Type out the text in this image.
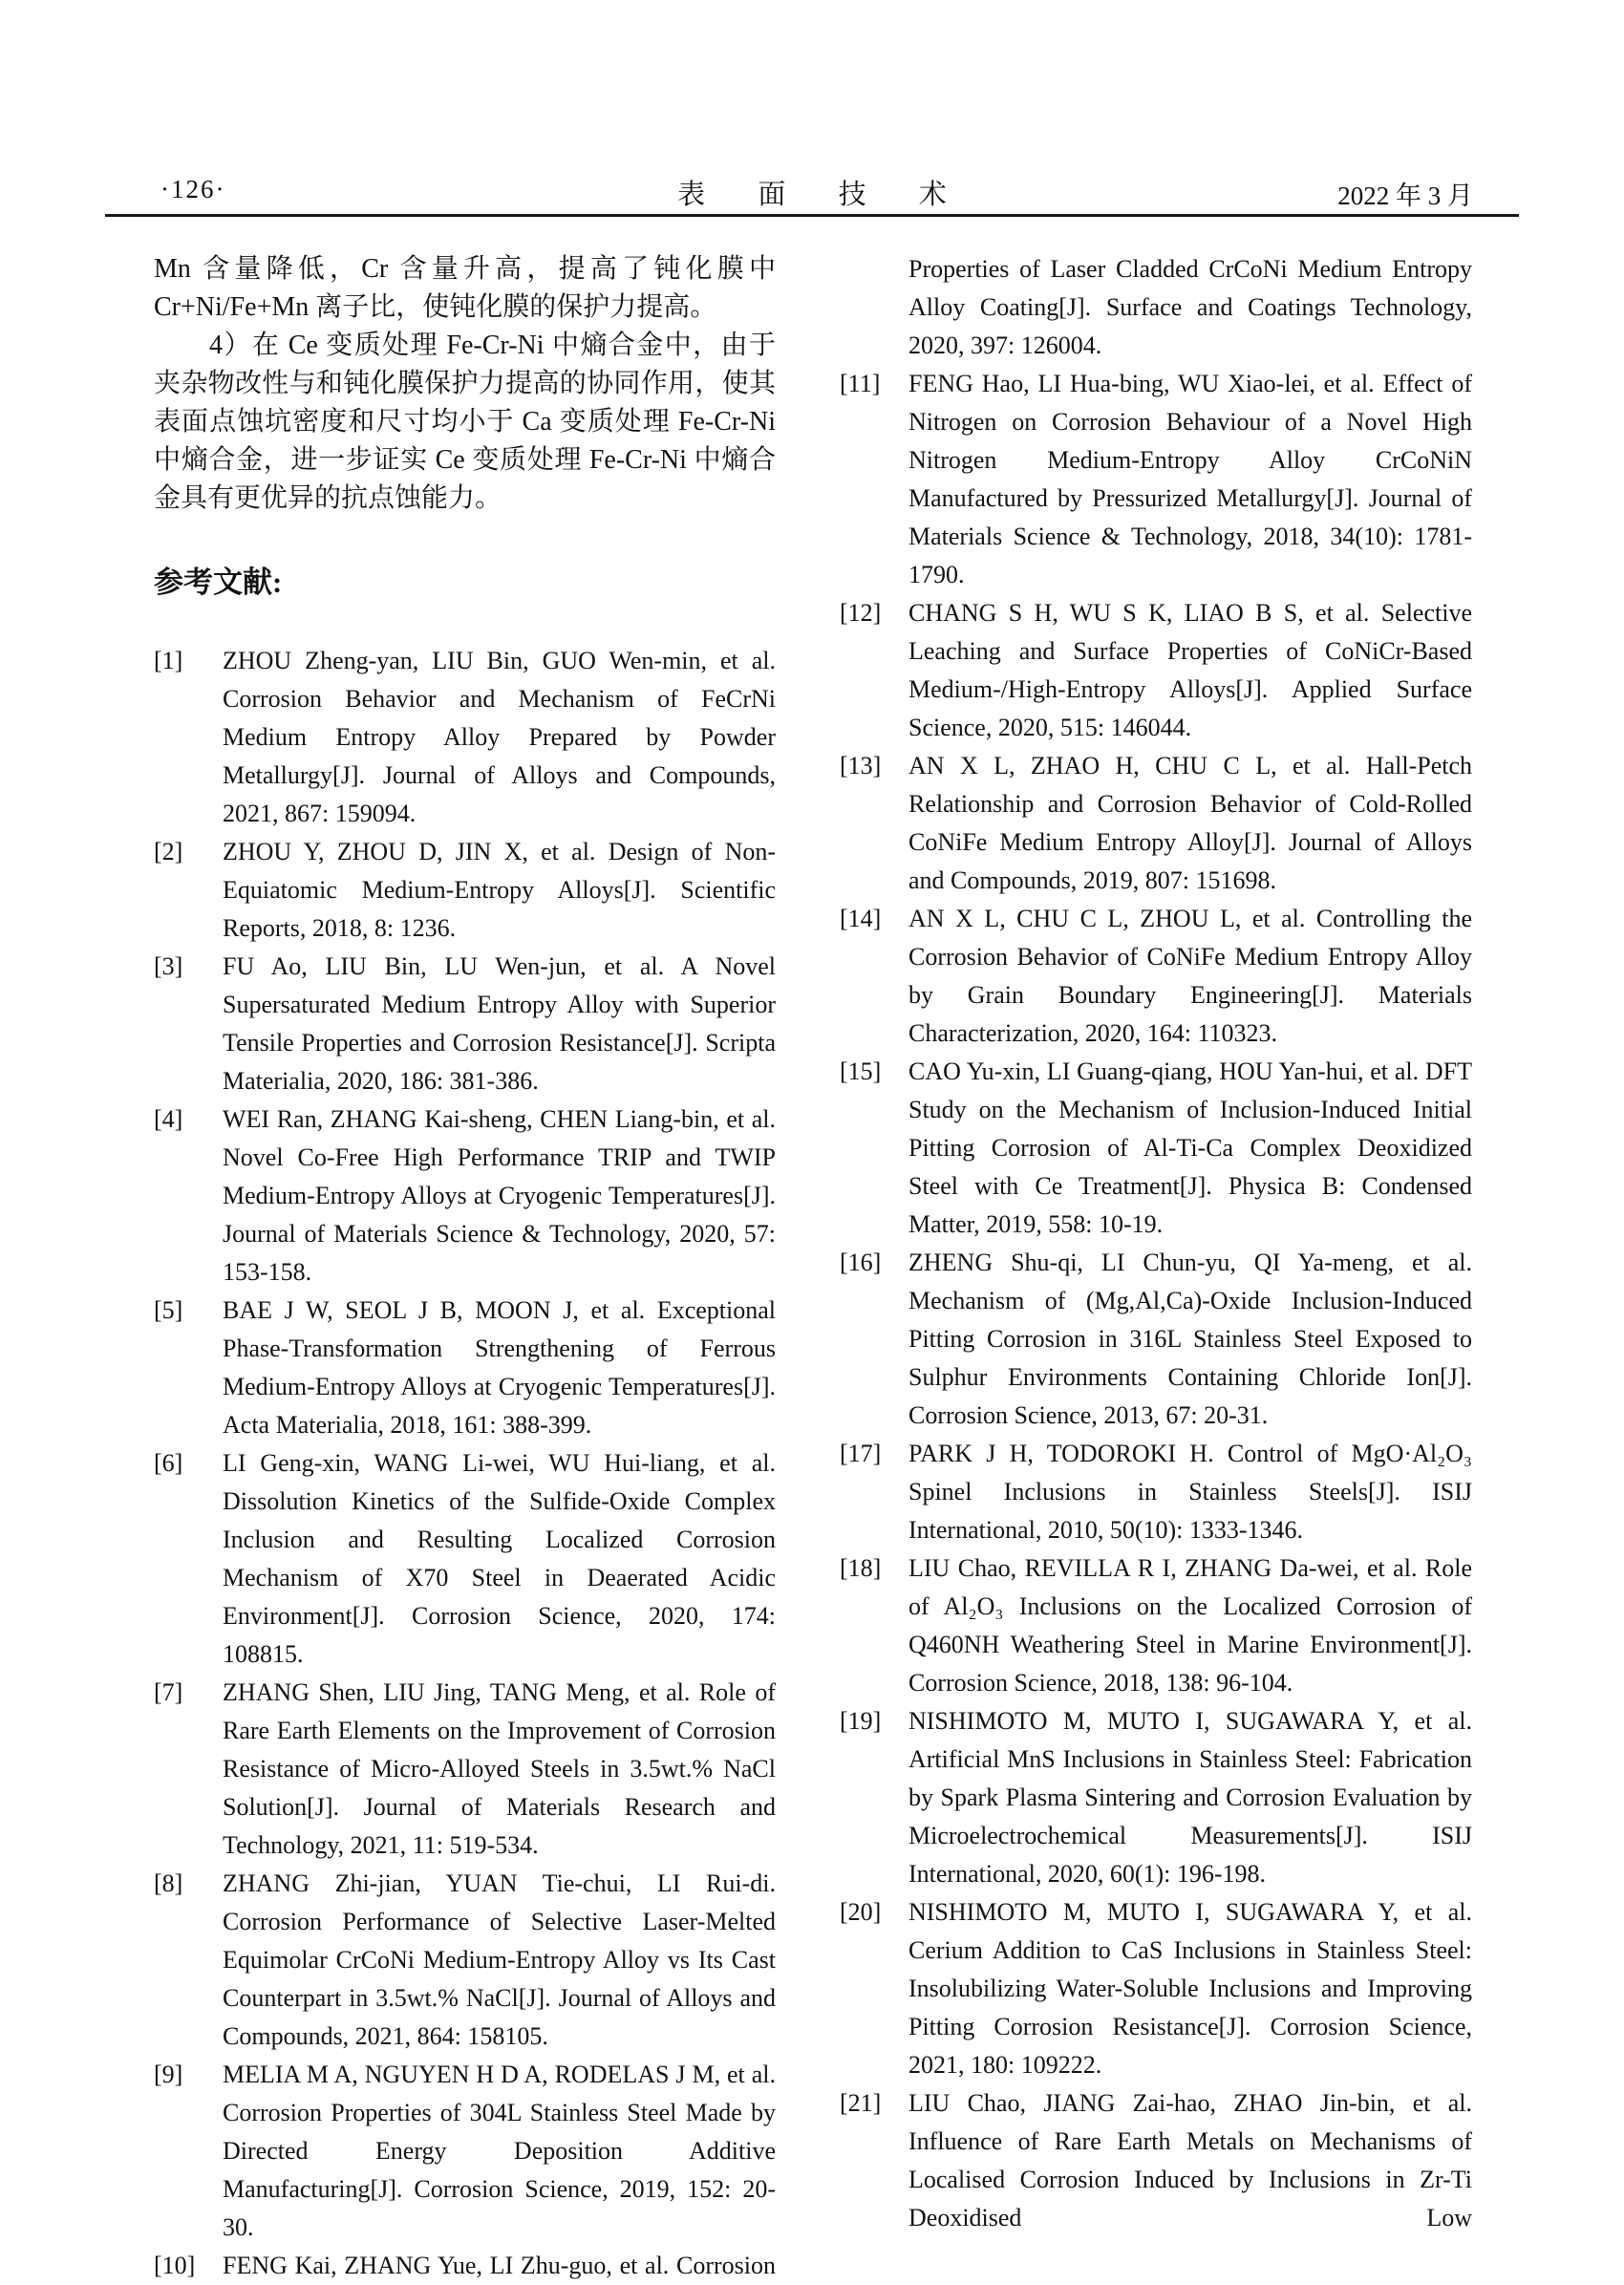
·126·	表 面 技 术	2022 年 3 月

Mn 含量降低，Cr 含量升高，提高了钝化膜中 Cr+Ni/Fe+Mn 离子比，使钝化膜的保护力提高。

4）在 Ce 变质处理 Fe-Cr-Ni 中熵合金中，由于夹杂物改性与和钝化膜保护力提高的协同作用，使其表面点蚀坑密度和尺寸均小于 Ca 变质处理 Fe-Cr-Ni 中熵合金，进一步证实 Ce 变质处理 Fe-Cr-Ni 中熵合金具有更优异的抗点蚀能力。

参考文献:
[1]	ZHOU Zheng-yan, LIU Bin, GUO Wen-min, et al. Corrosion Behavior and Mechanism of FeCrNi Medium Entropy Alloy Prepared by Powder Metallurgy[J]. Journal of Alloys and Compounds, 2021, 867: 159094.
[2]	ZHOU Y, ZHOU D, JIN X, et al. Design of Non-Equiatomic Medium-Entropy Alloys[J]. Scientific Reports, 2018, 8: 1236.
[3]	FU Ao, LIU Bin, LU Wen-jun, et al. A Novel Supersaturated Medium Entropy Alloy with Superior Tensile Properties and Corrosion Resistance[J]. Scripta Materialia, 2020, 186: 381-386.
[4]	WEI Ran, ZHANG Kai-sheng, CHEN Liang-bin, et al. Novel Co-Free High Performance TRIP and TWIP Medium-Entropy Alloys at Cryogenic Temperatures[J]. Journal of Materials Science & Technology, 2020, 57: 153-158.
[5]	BAE J W, SEOL J B, MOON J, et al. Exceptional Phase-Transformation Strengthening of Ferrous Medium-Entropy Alloys at Cryogenic Temperatures[J]. Acta Materialia, 2018, 161: 388-399.
[6]	LI Geng-xin, WANG Li-wei, WU Hui-liang, et al. Dissolution Kinetics of the Sulfide-Oxide Complex Inclusion and Resulting Localized Corrosion Mechanism of X70 Steel in Deaerated Acidic Environment[J]. Corrosion Science, 2020, 174: 108815.
[7]	ZHANG Shen, LIU Jing, TANG Meng, et al. Role of Rare Earth Elements on the Improvement of Corrosion Resistance of Micro-Alloyed Steels in 3.5wt.% NaCl Solution[J]. Journal of Materials Research and Technology, 2021, 11: 519-534.
[8]	ZHANG Zhi-jian, YUAN Tie-chui, LI Rui-di. Corrosion Performance of Selective Laser-Melted Equimolar CrCoNi Medium-Entropy Alloy vs Its Cast Counterpart in 3.5wt.% NaCl[J]. Journal of Alloys and Compounds, 2021, 864: 158105.
[9]	MELIA M A, NGUYEN H D A, RODELAS J M, et al. Corrosion Properties of 304L Stainless Steel Made by Directed Energy Deposition Additive Manufacturing[J]. Corrosion Science, 2019, 152: 20-30.
[10]	FENG Kai, ZHANG Yue, LI Zhu-guo, et al. Corrosion
Properties of Laser Cladded CrCoNi Medium Entropy Alloy Coating[J]. Surface and Coatings Technology, 2020, 397: 126004.
[11]	FENG Hao, LI Hua-bing, WU Xiao-lei, et al. Effect of Nitrogen on Corrosion Behaviour of a Novel High Nitrogen Medium-Entropy Alloy CrCoNiN Manufactured by Pressurized Metallurgy[J]. Journal of Materials Science & Technology, 2018, 34(10): 1781-1790.
[12]	CHANG S H, WU S K, LIAO B S, et al. Selective Leaching and Surface Properties of CoNiCr-Based Medium-/High-Entropy Alloys[J]. Applied Surface Science, 2020, 515: 146044.
[13]	AN X L, ZHAO H, CHU C L, et al. Hall-Petch Relationship and Corrosion Behavior of Cold-Rolled CoNiFe Medium Entropy Alloy[J]. Journal of Alloys and Compounds, 2019, 807: 151698.
[14]	AN X L, CHU C L, ZHOU L, et al. Controlling the Corrosion Behavior of CoNiFe Medium Entropy Alloy by Grain Boundary Engineering[J]. Materials Characterization, 2020, 164: 110323.
[15]	CAO Yu-xin, LI Guang-qiang, HOU Yan-hui, et al. DFT Study on the Mechanism of Inclusion-Induced Initial Pitting Corrosion of Al-Ti-Ca Complex Deoxidized Steel with Ce Treatment[J]. Physica B: Condensed Matter, 2019, 558: 10-19.
[16]	ZHENG Shu-qi, LI Chun-yu, QI Ya-meng, et al. Mechanism of (Mg,Al,Ca)-Oxide Inclusion-Induced Pitting Corrosion in 316L Stainless Steel Exposed to Sulphur Environments Containing Chloride Ion[J]. Corrosion Science, 2013, 67: 20-31.
[17]	PARK J H, TODOROKI H. Control of MgO·Al₂O₃ Spinel Inclusions in Stainless Steels[J]. ISIJ International, 2010, 50(10): 1333-1346.
[18]	LIU Chao, REVILLA R I, ZHANG Da-wei, et al. Role of Al₂O₃ Inclusions on the Localized Corrosion of Q460NH Weathering Steel in Marine Environment[J]. Corrosion Science, 2018, 138: 96-104.
[19]	NISHIMOTO M, MUTO I, SUGAWARA Y, et al. Artificial MnS Inclusions in Stainless Steel: Fabrication by Spark Plasma Sintering and Corrosion Evaluation by Microelectrochemical Measurements[J]. ISIJ International, 2020, 60(1): 196-198.
[20]	NISHIMOTO M, MUTO I, SUGAWARA Y, et al. Cerium Addition to CaS Inclusions in Stainless Steel: Insolubilizing Water-Soluble Inclusions and Improving Pitting Corrosion Resistance[J]. Corrosion Science, 2021, 180: 109222.
[21]	LIU Chao, JIANG Zai-hao, ZHAO Jin-bin, et al. Influence of Rare Earth Metals on Mechanisms of Localised Corrosion Induced by Inclusions in Zr-Ti Deoxidised Low
